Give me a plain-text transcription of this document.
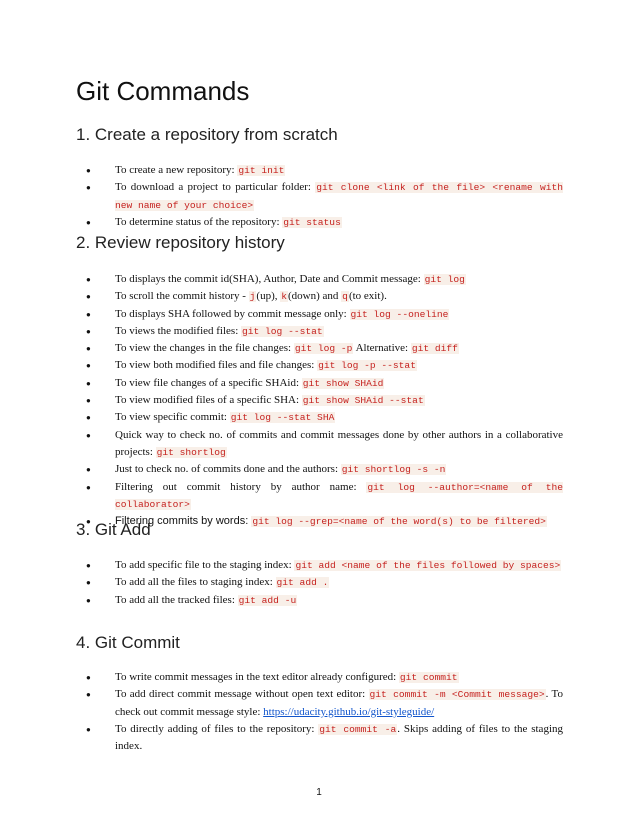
Git Commands
1. Create a repository from scratch
● To create a new repository: git init
● To download a project to particular folder: git clone <link of the file> <rename with new name of your choice>
● To determine status of the repository: git status
2. Review repository history
● To displays the commit id(SHA), Author, Date and Commit message: git log
● To scroll the commit history - j(up), k(down) and q(to exit).
● To displays SHA followed by commit message only: git log --oneline
● To views the modified files: git log --stat
● To view the changes in the file changes: git log -p Alternative: git diff
● To view both modified files and file changes: git log -p --stat
● To view file changes of a specific SHAid: git show SHAid
● To view modified files of a specific SHA: git show SHAid --stat
● To view specific commit: git log --stat SHA
● Quick way to check no. of commits and commit messages done by other authors in a collaborative projects: git shortlog
● Just to check no. of commits done and the authors: git shortlog -s -n
● Filtering out commit history by author name: git log --author=<name of the collaborator>
● Filtering commits by words: git log --grep=<name of the word(s) to be filtered>
3. Git Add
● To add specific file to the staging index: git add <name of the files followed by spaces>
● To add all the files to staging index: git add .
● To add all the tracked files: git add -u
4. Git Commit
● To write commit messages in the text editor already configured: git commit
● To add direct commit message without open text editor: git commit -m <Commit message>. To check out commit message style: https://udacity.github.io/git-styleguide/
● To directly adding of files to the repository: git commit -a. Skips adding of files to the staging index.
1
